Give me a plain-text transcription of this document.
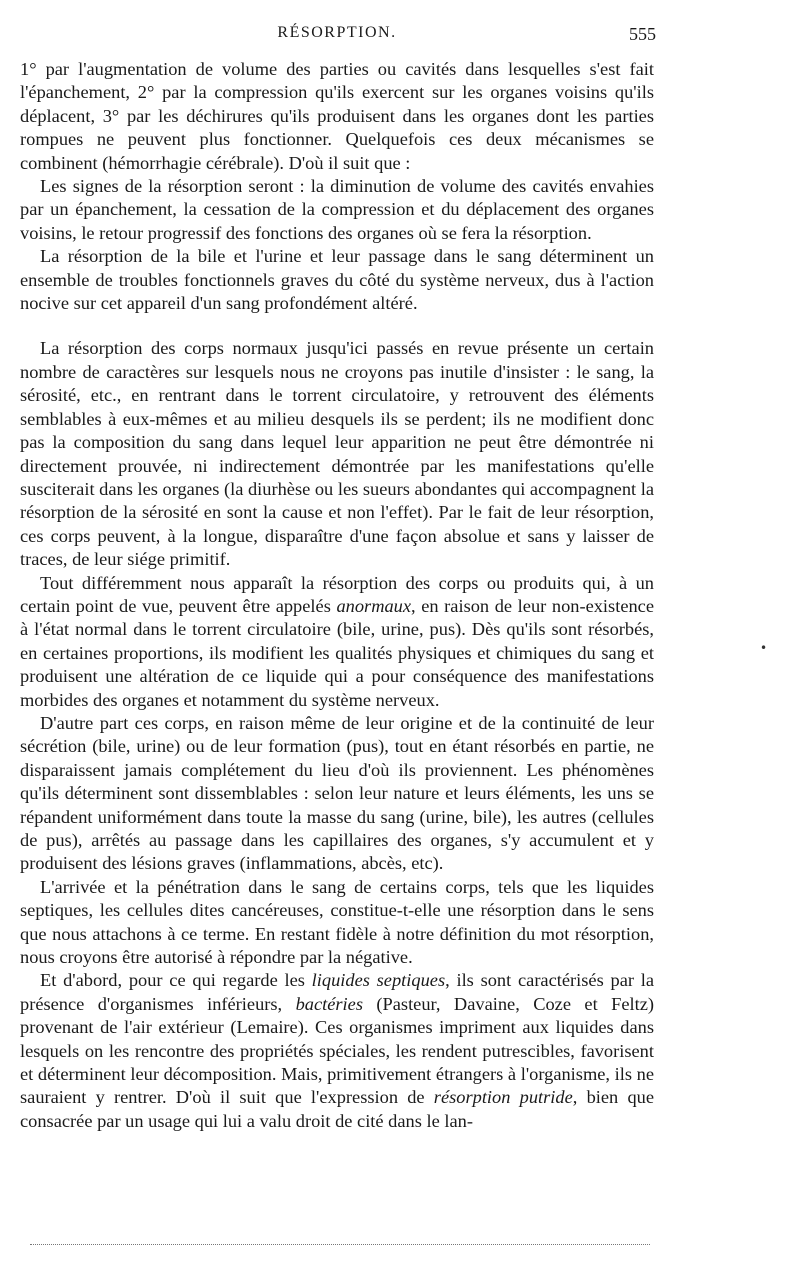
RÉSORPTION.	555

1° par l'augmentation de volume des parties ou cavités dans lesquelles s'est fait l'épanchement, 2° par la compression qu'ils exercent sur les organes voisins qu'ils déplacent, 3° par les déchirures qu'ils produisent dans les organes dont les parties rompues ne peuvent plus fonctionner. Quelquefois ces deux mécanismes se combinent (hémorrhagie cérébrale). D'où il suit que :

Les signes de la résorption seront : la diminution de volume des cavités envahies par un épanchement, la cessation de la compression et du déplacement des organes voisins, le retour progressif des fonctions des organes où se fera la résorption.

La résorption de la bile et l'urine et leur passage dans le sang déterminent un ensemble de troubles fonctionnels graves du côté du système nerveux, dus à l'action nocive sur cet appareil d'un sang profondément altéré.

La résorption des corps normaux jusqu'ici passés en revue présente un certain nombre de caractères sur lesquels nous ne croyons pas inutile d'insister : le sang, la sérosité, etc., en rentrant dans le torrent circulatoire, y retrouvent des éléments semblables à eux-mêmes et au milieu desquels ils se perdent; ils ne modifient donc pas la composition du sang dans lequel leur apparition ne peut être démontrée ni directement prouvée, ni indirectement démontrée par les manifestations qu'elle susciterait dans les organes (la diurhèse ou les sueurs abondantes qui accompagnent la résorption de la sérosité en sont la cause et non l'effet). Par le fait de leur résorption, ces corps peuvent, à la longue, disparaître d'une façon absolue et sans y laisser de traces, de leur siége primitif.

Tout différemment nous apparaît la résorption des corps ou produits qui, à un certain point de vue, peuvent être appelés anormaux, en raison de leur non-existence à l'état normal dans le torrent circulatoire (bile, urine, pus). Dès qu'ils sont résorbés, en certaines proportions, ils modifient les qualités physiques et chimiques du sang et produisent une altération de ce liquide qui a pour conséquence des manifestations morbides des organes et notamment du système nerveux.

D'autre part ces corps, en raison même de leur origine et de la continuité de leur sécrétion (bile, urine) ou de leur formation (pus), tout en étant résorbés en partie, ne disparaissent jamais complétement du lieu d'où ils proviennent. Les phénomènes qu'ils déterminent sont dissemblables : selon leur nature et leurs éléments, les uns se répandent uniformément dans toute la masse du sang (urine, bile), les autres (cellules de pus), arrêtés au passage dans les capillaires des organes, s'y accumulent et y produisent des lésions graves (inflammations, abcès, etc).

L'arrivée et la pénétration dans le sang de certains corps, tels que les liquides septiques, les cellules dites cancéreuses, constitue-t-elle une résorption dans le sens que nous attachons à ce terme. En restant fidèle à notre définition du mot résorption, nous croyons être autorisé à répondre par la négative.

Et d'abord, pour ce qui regarde les liquides septiques, ils sont caractérisés par la présence d'organismes inférieurs, bactéries (Pasteur, Davaine, Coze et Feltz) provenant de l'air extérieur (Lemaire). Ces organismes impriment aux liquides dans lesquels on les rencontre des propriétés spéciales, les rendent putrescibles, favorisent et déterminent leur décomposition. Mais, primitivement étrangers à l'organisme, ils ne sauraient y rentrer. D'où il suit que l'expression de résorption putride, bien que consacrée par un usage qui lui a valu droit de cité dans le lan-

•
